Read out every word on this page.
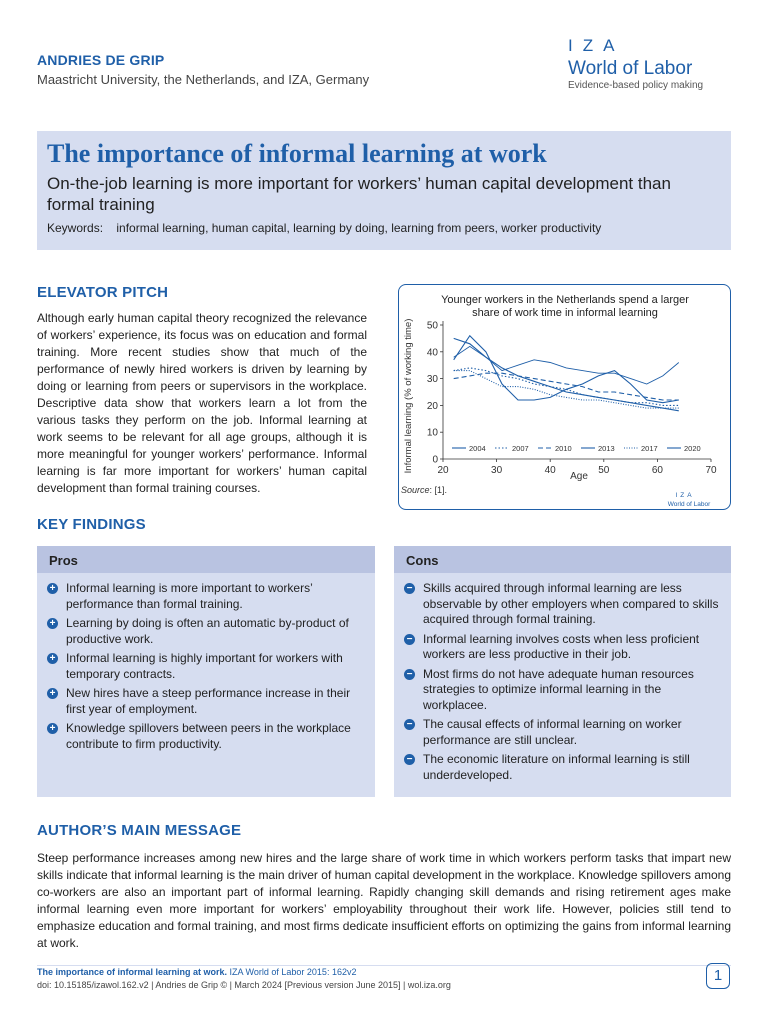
ANDRIES DE GRIP
Maastricht University, the Netherlands, and IZA, Germany
IZA
World of Labor
Evidence-based policy making
The importance of informal learning at work
On-the-job learning is more important for workers’ human capital development than formal training
Keywords: informal learning, human capital, learning by doing, learning from peers, worker productivity
ELEVATOR PITCH
Although early human capital theory recognized the relevance of workers’ experience, its focus was on education and formal training. More recent studies show that much of the performance of newly hired workers is driven by learning by doing or learning from peers or supervisors in the workplace. Descriptive data show that workers learn a lot from the various tasks they perform on the job. Informal learning at work seems to be relevant for all age groups, although it is more meaningful for younger workers’ performance. Informal learning is far more important for workers’ human capital development than formal training courses.
Younger workers in the Netherlands spend a larger
share of work time in informal learning
0
10
20
30
40
50
20	30	40	50	60	70
Age
Informal learning (% of working time)	2004	2007	2010	2013	2017	2020
Source: [1].
IZA
World of Labor
KEY FINDINGS
Pros
+ Informal learning is more important to workers’ performance than formal training.
+ Learning by doing is often an automatic by-product of productive work.
+ Informal learning is highly important for workers with temporary contracts.
+ New hires have a steep performance increase in their first year of employment.
+ Knowledge spillovers between peers in the workplace contribute to firm productivity.
Cons
− Skills acquired through informal learning are less observable by other employers when compared to skills acquired through formal training.
− Informal learning involves costs when less proficient workers are less productive in their job.
− Most firms do not have adequate human resources strategies to optimize informal learning in the workplacee.
− The causal effects of informal learning on worker performance are still unclear.
− The economic literature on informal learning is still underdeveloped.
AUTHOR’S MAIN MESSAGE
Steep performance increases among new hires and the large share of work time in which workers perform tasks that impart new skills indicate that informal learning is the main driver of human capital development in the workplace. Knowledge spillovers among co-workers are also an important part of informal learning. Rapidly changing skill demands and rising retirement ages make informal learning even more important for workers’ employability throughout their work life. However, policies still tend to emphasize education and formal training, and most firms dedicate insufficient efforts on optimizing the gains from informal learning at work.
The importance of informal learning at work. IZA World of Labor 2015: 162v2
doi: 10.15185/izawol.162.v2 | Andries de Grip © | March 2024 [Previous version June 2015] | wol.iza.org
1
